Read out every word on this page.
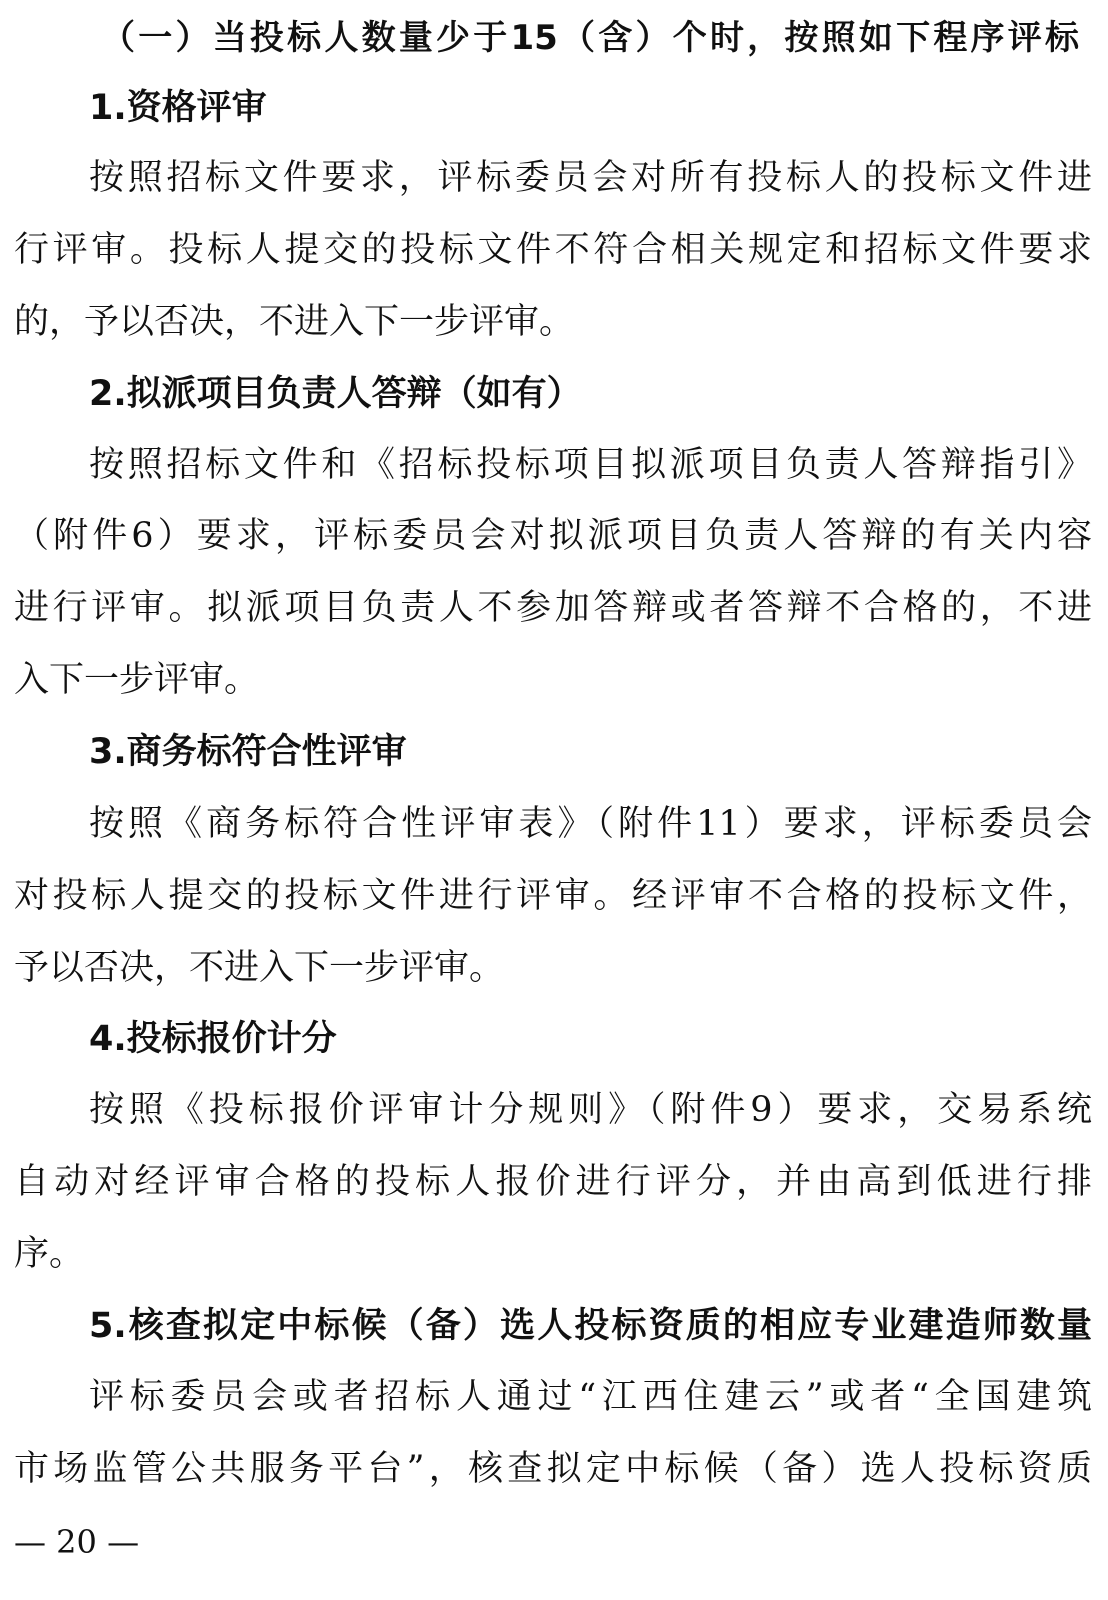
（一）当投标人数量少于15（含）个时，按照如下程序评标
1.资格评审
按照招标文件要求，评标委员会对所有投标人的投标文件进
行评审。投标人提交的投标文件不符合相关规定和招标文件要求
的，予以否决，不进入下一步评审。
2.拟派项目负责人答辩（如有）
按照招标文件和《招标投标项目拟派项目负责人答辩指引》
（附件6）要求，评标委员会对拟派项目负责人答辩的有关内容
进行评审。拟派项目负责人不参加答辩或者答辩不合格的，不进
入下一步评审。
3.商务标符合性评审
按照《商务标符合性评审表》（附件11）要求，评标委员会
对投标人提交的投标文件进行评审。经评审不合格的投标文件，
予以否决，不进入下一步评审。
4.投标报价计分
按照《投标报价评审计分规则》（附件9）要求，交易系统
自动对经评审合格的投标人报价进行评分，并由高到低进行排
序。
5.核查拟定中标候（备）选人投标资质的相应专业建造师数量
评标委员会或者招标人通过“江西住建云”或者“全国建筑
市场监管公共服务平台”，核查拟定中标候（备）选人投标资质
— 20 —
